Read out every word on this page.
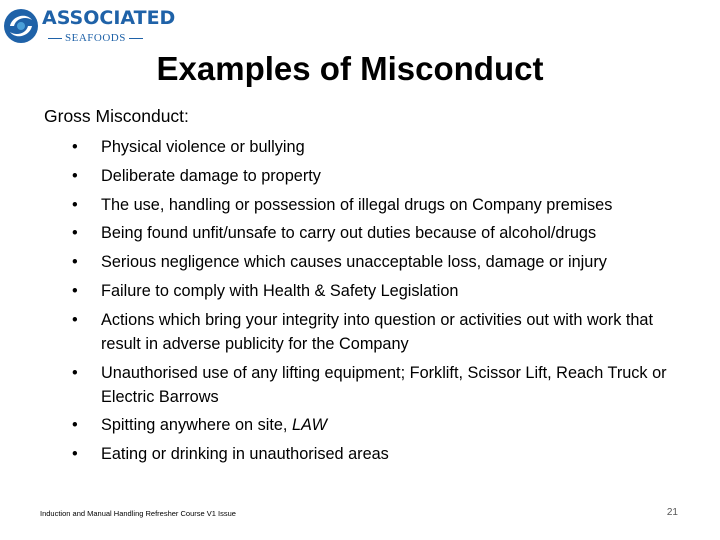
ASSOCIATED
SEAFOODS
Examples of Misconduct
Gross Misconduct:
•	Physical violence or bullying
•	Deliberate damage to property
•	The use, handling or possession of illegal drugs on Company premises
•	Being found unfit/unsafe to carry out duties because of alcohol/drugs
•	Serious negligence which causes unacceptable loss, damage or injury
•	Failure to comply with Health & Safety Legislation
•	Actions which bring your integrity into question or activities out with work that result in adverse publicity for the Company
•	Unauthorised use of any lifting equipment; Forklift, Scissor Lift, Reach Truck or Electric Barrows
•	Spitting anywhere on site, LAW
•	Eating or drinking in unauthorised areas
Induction and Manual Handling Refresher Course V1 Issue	21
